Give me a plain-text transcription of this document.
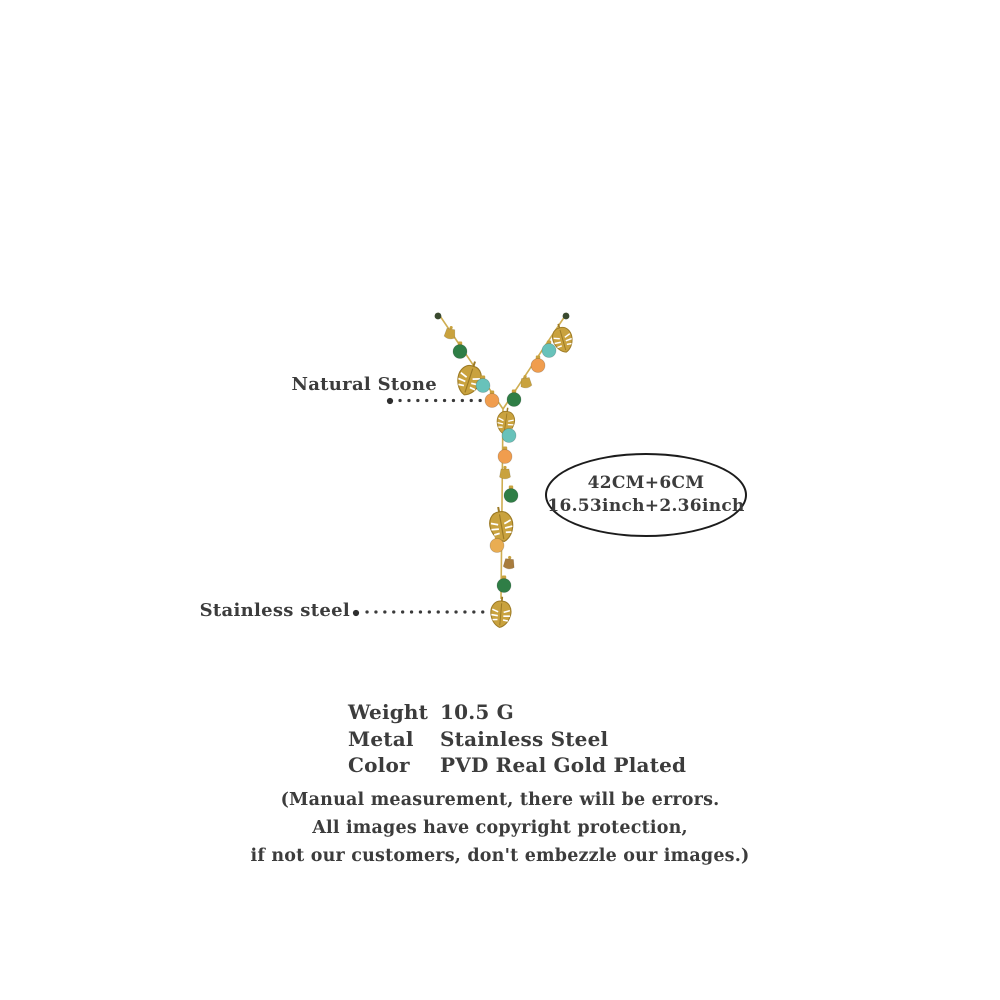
Natural Stone
Stainless steel
42CM+6CM
16.53inch+2.36inch
Weight 10.5 G
Metal	Stainless Steel
Color	PVD Real Gold Plated
(Manual measurement, there will be errors.
All images have copyright protection,
if not our customers, don't embezzle our images.)
